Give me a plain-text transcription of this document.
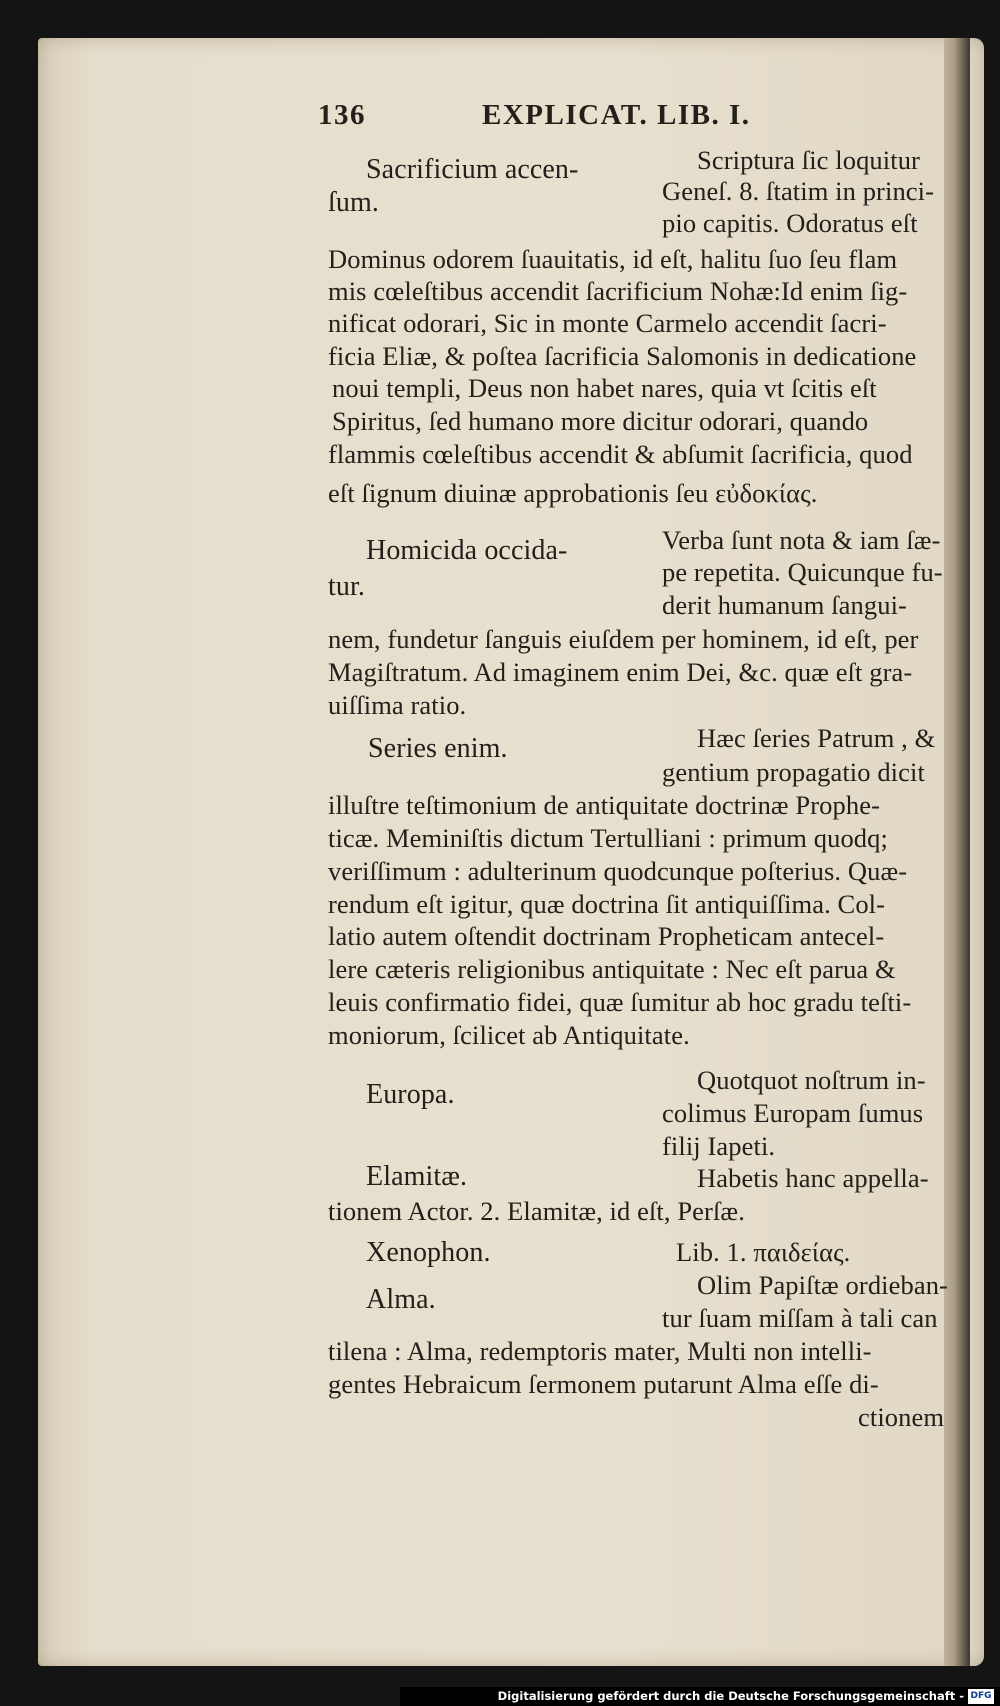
136	EXPLICAT. LIB. I.
Sacrificium accen-
ſum.
Scriptura ſic loquitur
Geneſ. 8. ſtatim in princi-
pio capitis. Odoratus eſt
Dominus odorem ſuauitatis, id eſt, halitu ſuo ſeu flam
mis cœleſtibus accendit ſacrificium Nohæ:Id enim ſig-
nificat odorari, Sic in monte Carmelo accendit ſacri-
ficia Eliæ, & poſtea ſacrificia Salomonis in dedicatione
noui templi, Deus non habet nares, quia vt ſcitis eſt
Spiritus, ſed humano more dicitur odorari, quando
flammis cœleſtibus accendit & abſumit ſacrificia, quod
eſt ſignum diuinæ approbationis ſeu εὐδοκίας.
Homicida occida-
tur.
Verba ſunt nota & iam ſæ-
pe repetita. Quicunque fu-
derit humanum ſangui-
nem, fundetur ſanguis eiuſdem per hominem, id eſt, per
Magiſtratum. Ad imaginem enim Dei, &c. quæ eſt gra-
uiſſima ratio.
Series enim.	Hæc ſeries Patrum , &
gentium propagatio dicit
illuſtre teſtimonium de antiquitate doctrinæ Prophe-
ticæ. Meminiſtis dictum Tertulliani : primum quodq;
veriſſimum : adulterinum quodcunque poſterius. Quæ-
rendum eſt igitur, quæ doctrina ſit antiquiſſima. Col-
latio autem oſtendit doctrinam Propheticam antecel-
lere cæteris religionibus antiquitate : Nec eſt parua &
leuis confirmatio fidei, quæ ſumitur ab hoc gradu teſti-
moniorum, ſcilicet ab Antiquitate.
Europa.	Quotquot noſtrum in-
colimus Europam ſumus
filij Iapeti.
Elamitæ.	Habetis hanc appella-
tionem Actor. 2. Elamitæ, id eſt, Perſæ.
Xenophon.	Lib. 1. παιδείας.
Alma.	Olim Papiſtæ ordieban-
tur ſuam miſſam à tali can
tilena : Alma, redemptoris mater, Multi non intelli-
gentes Hebraicum ſermonem putarunt Alma eſſe di-
ctionem
Digitalisierung gefördert durch die Deutsche Forschungsgemeinschaft - DFG
